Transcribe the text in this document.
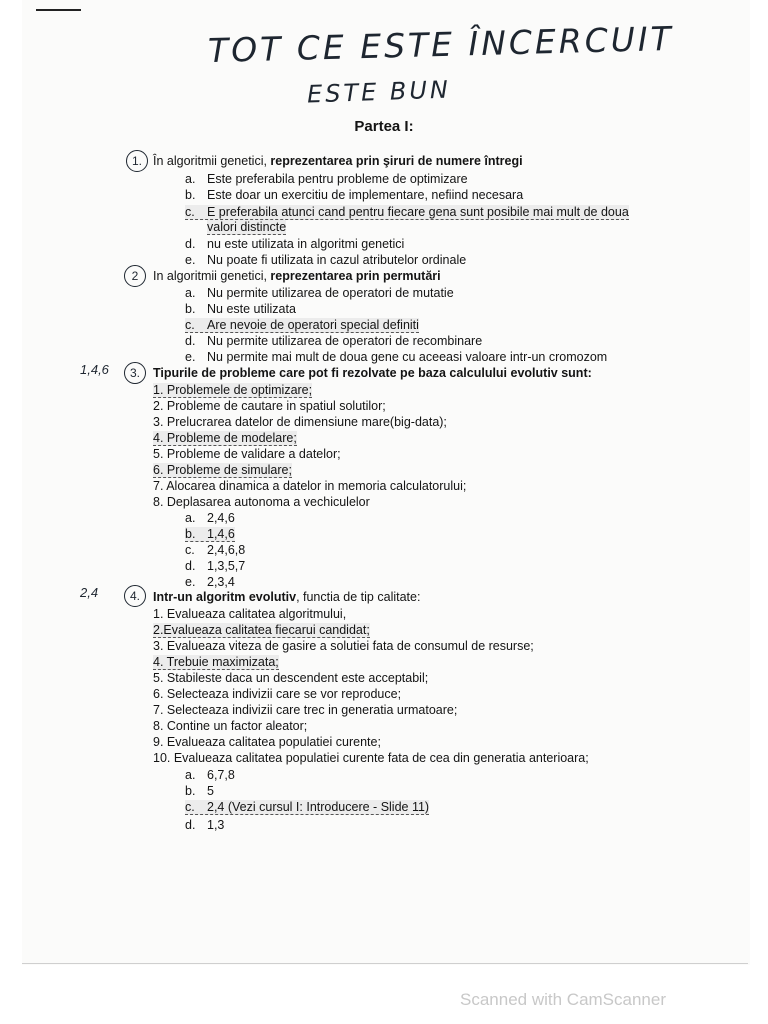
TOT CE ESTE ÎNCERCUIT
ESTE BUN
Partea I:
1. În algoritmii genetici, reprezentarea prin şiruri de numere întregi
a. Este preferabila pentru probleme de optimizare
b. Este doar un exercitiu de implementare, nefiind necesara
c. E preferabila atunci cand pentru fiecare gena sunt posibile mai mult de doua
valori distincte
d. nu este utilizata in algoritmi genetici
e. Nu poate fi utilizata in cazul atributelor ordinale
2	In algoritmii genetici, reprezentarea prin permutări
a. Nu permite utilizarea de operatori de mutatie
b. Nu este utilizata
c. Are nevoie de operatori special definiti
d. Nu permite utilizarea de operatori de recombinare
e. Nu permite mai mult de doua gene cu aceeasi valoare intr-un cromozom
1,4,6	3.	Tipurile de probleme care pot fi rezolvate pe baza calculului evolutiv sunt:
1. Problemele de optimizare;
2. Probleme de cautare in spatiul solutilor;
3. Prelucrarea datelor de dimensiune mare(big-data);
4. Probleme de modelare;
5. Probleme de validare a datelor;
6. Probleme de simulare;
7. Alocarea dinamica a datelor in memoria calculatorului;
8. Deplasarea autonoma a vechiculelor
a. 2,4,6
b. 1,4,6
c. 2,4,6,8
d. 1,3,5,7
e. 2,3,4
2,4	4.	Intr-un algoritm evolutiv, functia de tip calitate:
1. Evalueaza calitatea algoritmului,
2.Evalueaza calitatea fiecarui candidat;
3. Evalueaza viteza de gasire a solutiei fata de consumul de resurse;
4. Trebuie maximizata;
5. Stabileste daca un descendent este acceptabil;
6. Selecteaza indivizii care se vor reproduce;
7. Selecteaza indivizii care trec in generatia urmatoare;
8. Contine un factor aleator;
9. Evalueaza calitatea populatiei curente;
10. Evalueaza calitatea populatiei curente fata de cea din generatia anterioara;
a. 6,7,8
b. 5
c. 2,4 (Vezi cursul I: Introducere - Slide 11)
d. 1,3
Scanned with CamScanner
